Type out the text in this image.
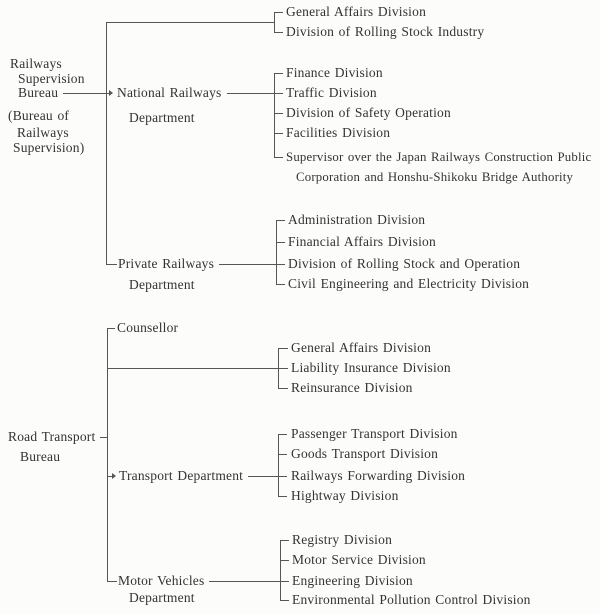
Railways
Supervision
Bureau
(Bureau of
Railways
Supervision)
General Affairs Division
Division of Rolling Stock Industry
National Railways
Department
Finance Division
Traffic Division
Division of Safety Operation
Facilities Division
Supervisor over the Japan Railways Construction Public
Corporation and Honshu-Shikoku Bridge Authority
Private Railways
Department
Administration Division
Financial Affairs Division
Division of Rolling Stock and Operation
Civil Engineering and Electricity Division
Road Transport
Bureau
Counsellor
General Affairs Division
Liability Insurance Division
Reinsurance Division
Transport Department
Passenger Transport Division
Goods Transport Division
Railways Forwarding Division
Hightway Division
Motor Vehicles
Department
Registry Division
Motor Service Division
Engineering Division
Environmental Pollution Control Division
